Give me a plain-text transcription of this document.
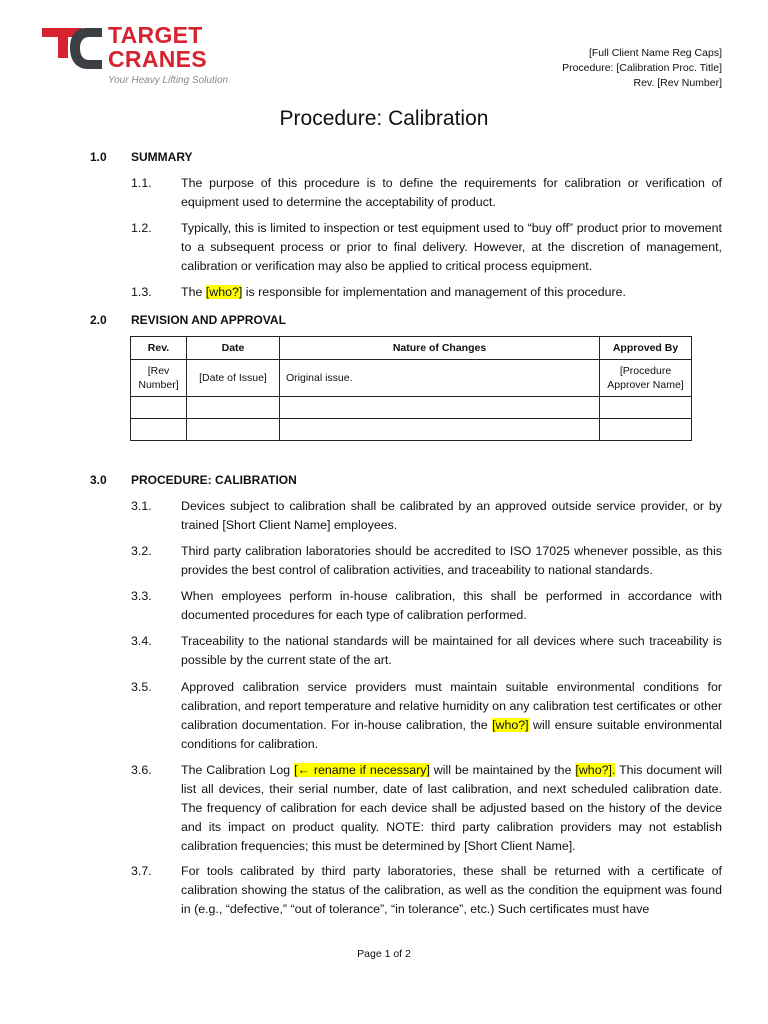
TARGET
CRANES
Your Heavy Lifting Solution
[Full Client Name Reg Caps]
Procedure: [Calibration Proc. Title]
Rev. [Rev Number]
Procedure: Calibration
1.0 SUMMARY
1.1.	The purpose of this procedure is to define the requirements for calibration or verification of equipment used to determine the acceptability of product.
1.2.	Typically, this is limited to inspection or test equipment used to “buy off” product prior to movement to a subsequent process or prior to final delivery. However, at the discretion of management, calibration or verification may also be applied to critical process equipment.
1.3.	The [who?] is responsible for implementation and management of this procedure.
2.0 REVISION AND APPROVAL
Rev.	Date	Nature of Changes	Approved By
[Rev Number]	[Date of Issue]	Original issue.	[Procedure Approver Name]

3.0 PROCEDURE: CALIBRATION
3.1.	Devices subject to calibration shall be calibrated by an approved outside service provider, or by trained [Short Client Name] employees.
3.2.	Third party calibration laboratories should be accredited to ISO 17025 whenever possible, as this provides the best control of calibration activities, and traceability to national standards.
3.3.	When employees perform in-house calibration, this shall be performed in accordance with documented procedures for each type of calibration performed.
3.4.	Traceability to the national standards will be maintained for all devices where such traceability is possible by the current state of the art.
3.5.	Approved calibration service providers must maintain suitable environmental conditions for calibration, and report temperature and relative humidity on any calibration test certificates or other calibration documentation. For in-house calibration, the [who?] will ensure suitable environmental conditions for calibration.
3.6.	The Calibration Log [← rename if necessary] will be maintained by the [who?]. This document will list all devices, their serial number, date of last calibration, and next scheduled calibration date. The frequency of calibration for each device shall be adjusted based on the history of the device and its impact on product quality. NOTE: third party calibration providers may not establish calibration frequencies; this must be determined by [Short Client Name].
3.7.	For tools calibrated by third party laboratories, these shall be returned with a certificate of calibration showing the status of the calibration, as well as the condition the equipment was found in (e.g., “defective,” “out of tolerance”, “in tolerance”, etc.) Such certificates must have
Page 1 of 2
